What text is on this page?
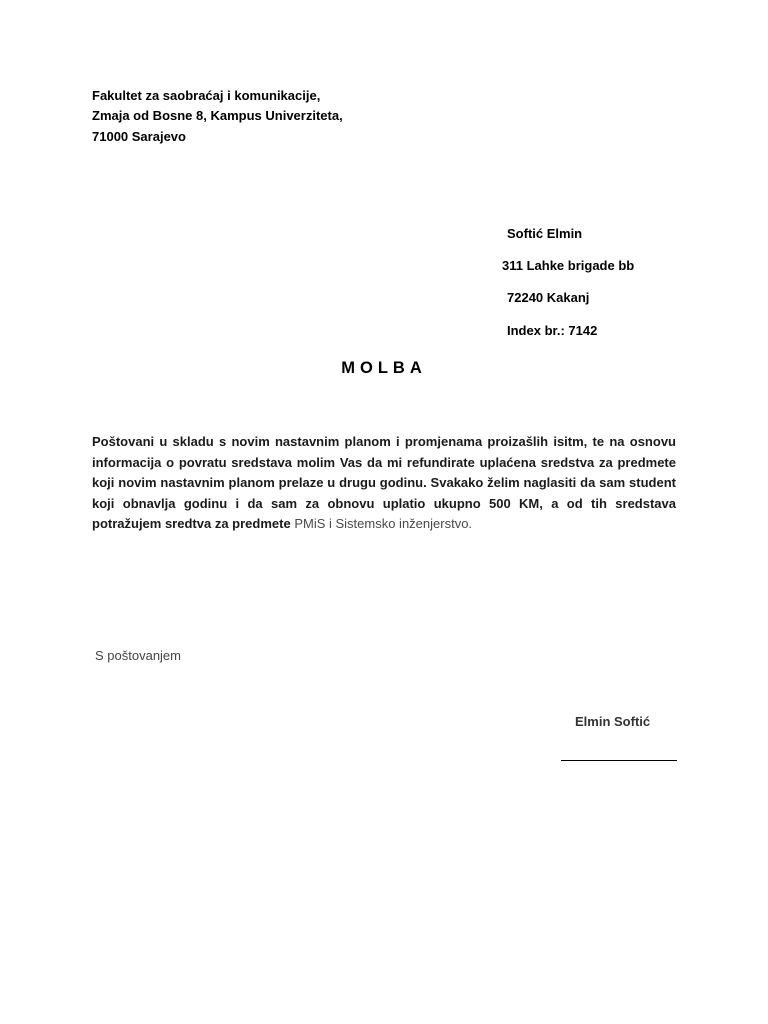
Fakultet za saobraćaj i komunikacije,
Zmaja od Bosne 8, Kampus Univerziteta,
71000 Sarajevo
Softić Elmin
311 Lahke brigade bb
72240 Kakanj
Index br.: 7142
MOLBA
Poštovani u skladu s novim nastavnim planom i promjenama proizašlih isitm, te na osnovu informacija o povratu sredstava molim Vas da mi refundirate uplaćena sredstva za predmete koji novim nastavnim planom prelaze u drugu godinu. Svakako želim naglasiti da sam student koji obnavlja godinu i da sam za obnovu uplatio ukupno 500 KM, a od tih sredstava potražujem sredtva za predmete PMiS i Sistemsko inženjerstvo.
S poštovanjem
Elmin Softić
